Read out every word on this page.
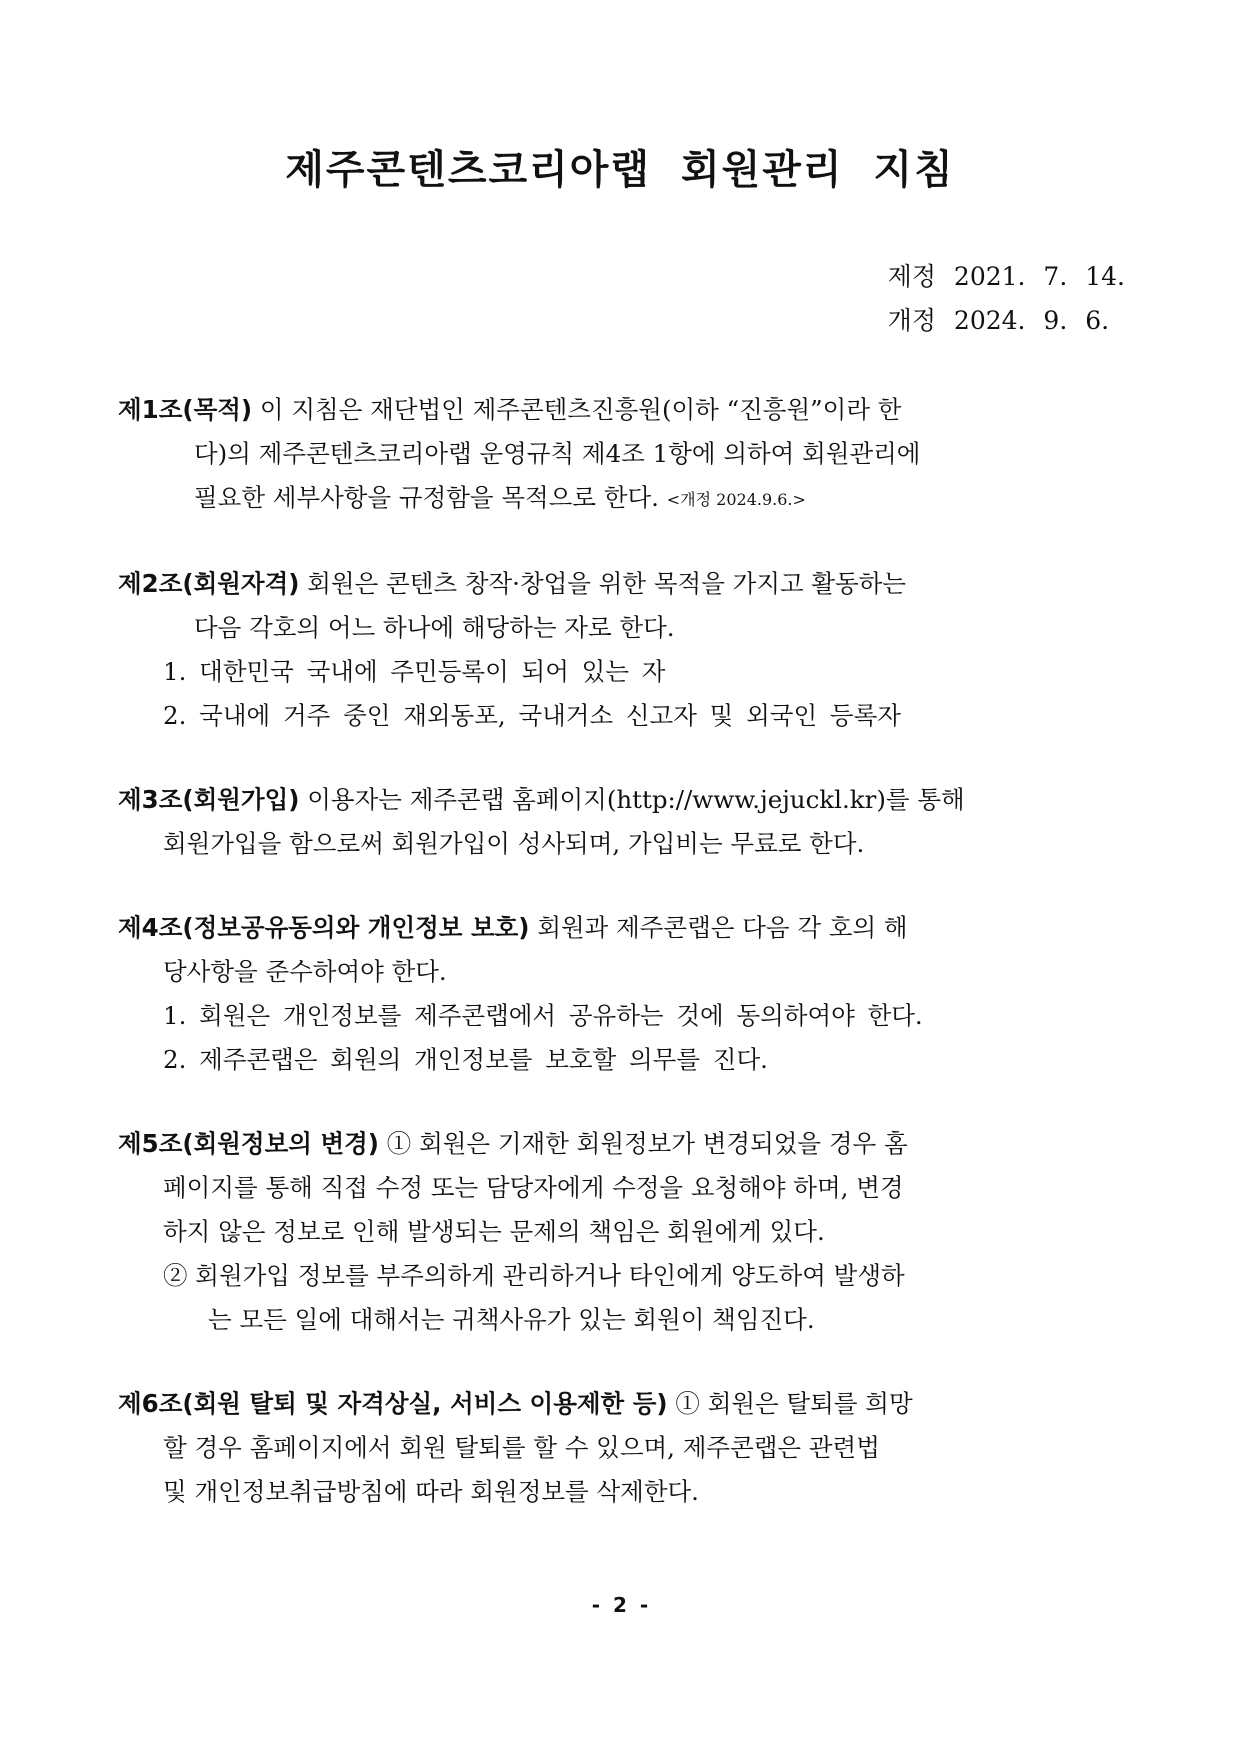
제주콘텐츠코리아랩 회원관리 지침
제정 2021. 7. 14.
개정 2024. 9. 6.
제1조(목적) 이 지침은 재단법인 제주콘텐츠진흥원(이하 “진흥원”이라 한
다)의 제주콘텐츠코리아랩 운영규칙 제4조 1항에 의하여 회원관리에
필요한 세부사항을 규정함을 목적으로 한다. <개정 2024.9.6.>
제2조(회원자격) 회원은 콘텐츠 창작·창업을 위한 목적을 가지고 활동하는
다음 각호의 어느 하나에 해당하는 자로 한다.
1. 대한민국 국내에 주민등록이 되어 있는 자
2. 국내에 거주 중인 재외동포, 국내거소 신고자 및 외국인 등록자
제3조(회원가입) 이용자는 제주콘랩 홈페이지(http://www.jejuckl.kr)를 통해
회원가입을 함으로써 회원가입이 성사되며, 가입비는 무료로 한다.
제4조(정보공유동의와 개인정보 보호) 회원과 제주콘랩은 다음 각 호의 해
당사항을 준수하여야 한다.
1. 회원은 개인정보를 제주콘랩에서 공유하는 것에 동의하여야 한다.
2. 제주콘랩은 회원의 개인정보를 보호할 의무를 진다.
제5조(회원정보의 변경) ① 회원은 기재한 회원정보가 변경되었을 경우 홈
페이지를 통해 직접 수정 또는 담당자에게 수정을 요청해야 하며, 변경
하지 않은 정보로 인해 발생되는 문제의 책임은 회원에게 있다.
② 회원가입 정보를 부주의하게 관리하거나 타인에게 양도하여 발생하
는 모든 일에 대해서는 귀책사유가 있는 회원이 책임진다.
제6조(회원 탈퇴 및 자격상실, 서비스 이용제한 등) ① 회원은 탈퇴를 희망
할 경우 홈페이지에서 회원 탈퇴를 할 수 있으며, 제주콘랩은 관련법
및 개인정보취급방침에 따라 회원정보를 삭제한다.
- 2 -
